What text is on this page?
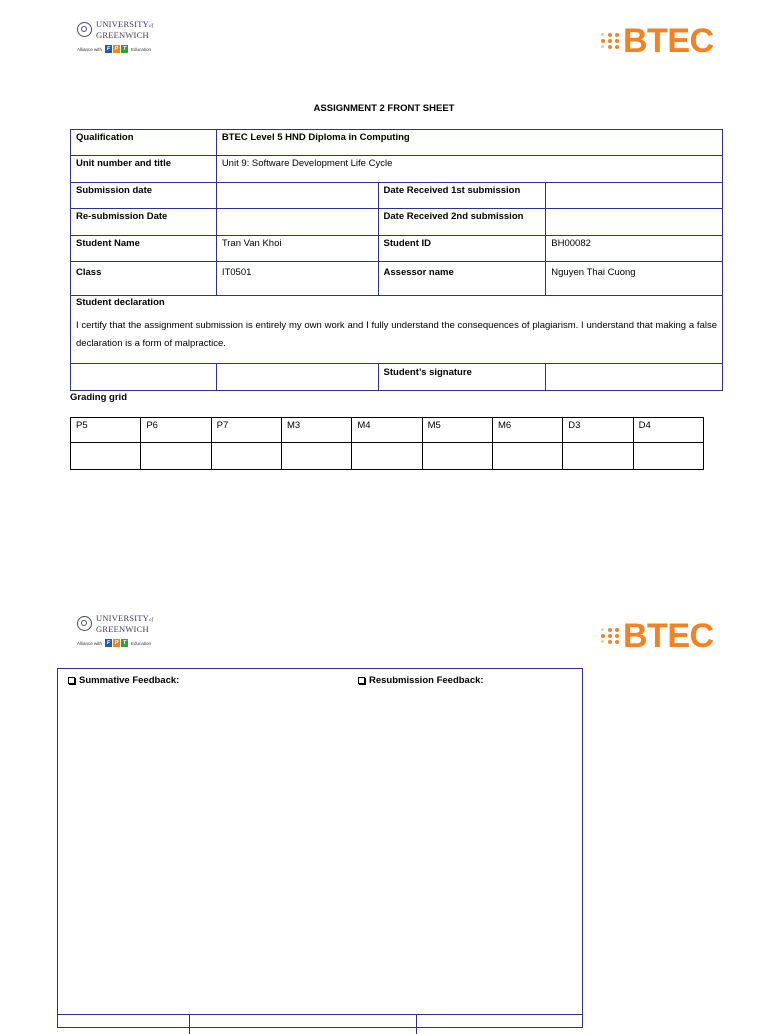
UNIVERSITYof
GREENWICH
Alliance with F P T	Education	BTEC
ASSIGNMENT 2 FRONT SHEET
Qualification	BTEC Level 5 HND Diploma in Computing		
Unit number and title	Unit 9: Software Development Life Cycle		
Submission date		Date Received 1st submission	
Re-submission Date		Date Received 2nd submission	
Student Name	Tran Van Khoi	Student ID	BH00082
Class	IT0501	Assessor name	Nguyen Thai Cuong

Student declaration

I certify that the assignment submission is entirely my own work and I fully understand the consequences of plagiarism. I understand that making a false declaration is a form of malpractice.			

		Student’s signature	
Grading grid
P5	P6	P7	M3	M4	M5	M6	D3	D4

UNIVERSITYof
GREENWICH
Alliance with F P T	Education	BTEC
Summative Feedback:	Resubmission Feedback:
